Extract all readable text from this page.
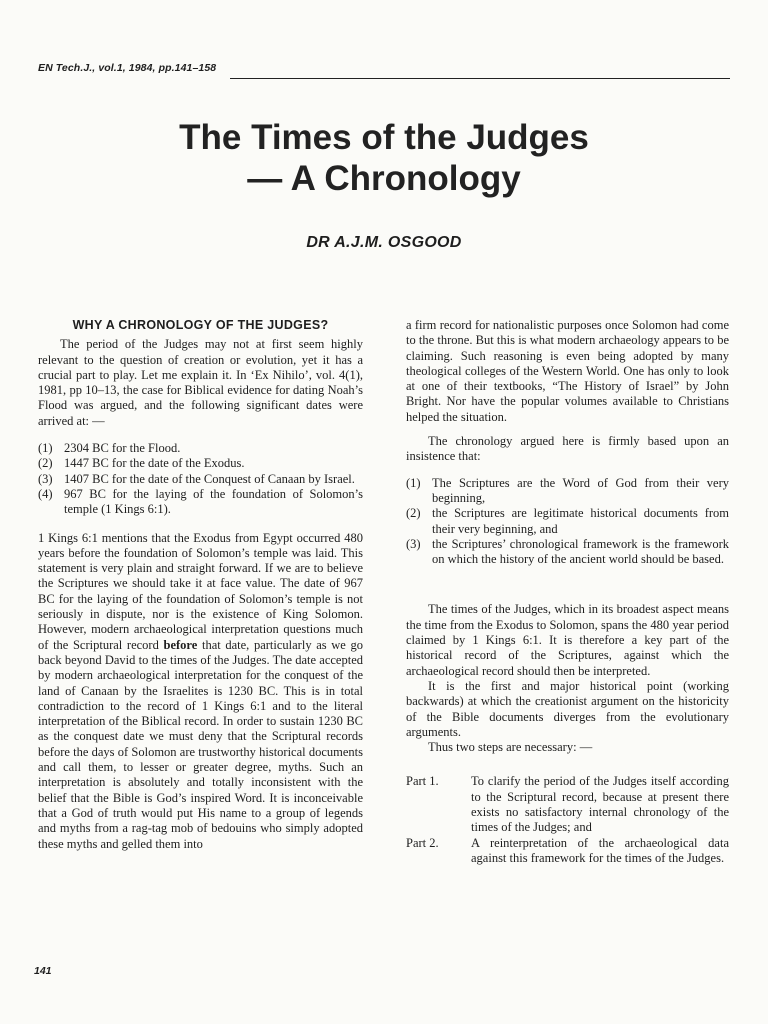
EN Tech.J., vol.1, 1984, pp.141–158
The Times of the Judges
— A Chronology
DR A.J.M. OSGOOD
WHY A CHRONOLOGY OF THE JUDGES?

The period of the Judges may not at first seem highly relevant to the question of creation or evolution, yet it has a crucial part to play. Let me explain it. In ‘Ex Nihilo’, vol. 4(1), 1981, pp 10–13, the case for Biblical evidence for dating Noah’s Flood was argued, and the following significant dates were arrived at: —

(1) 2304 BC for the Flood.
(2) 1447 BC for the date of the Exodus.
(3) 1407 BC for the date of the Conquest of Canaan by Israel.
(4) 967 BC for the laying of the foundation of Solomon’s temple (1 Kings 6:1).

1 Kings 6:1 mentions that the Exodus from Egypt occurred 480 years before the foundation of Solomon’s temple was laid. This statement is very plain and straight forward. If we are to believe the Scriptures we should take it at face value. The date of 967 BC for the laying of the foundation of Solomon’s temple is not seriously in dispute, nor is the existence of King Solomon. However, modern archaeological interpretation questions much of the Scriptural record before that date, particularly as we go back beyond David to the times of the Judges. The date accepted by modern archaeological interpretation for the conquest of the land of Canaan by the Israelites is 1230 BC. This is in total contradiction to the record of 1 Kings 6:1 and to the literal interpretation of the Biblical record. In order to sustain 1230 BC as the conquest date we must deny that the Scriptural records before the days of Solomon are trustworthy historical documents and call them, to lesser or greater degree, myths. Such an interpretation is absolutely and totally inconsistent with the belief that the Bible is God’s inspired Word. It is inconceivable that a God of truth would put His name to a group of legends and myths from a rag-tag mob of bedouins who simply adopted these myths and gelled them into

a firm record for nationalistic purposes once Solomon had come to the throne. But this is what modern archaeology appears to be claiming. Such reasoning is even being adopted by many theological colleges of the Western World. One has only to look at one of their textbooks, “The History of Israel” by John Bright. Nor have the popular volumes available to Christians helped the situation.

The chronology argued here is firmly based upon an insistence that:

(1) The Scriptures are the Word of God from their very beginning,
(2) the Scriptures are legitimate historical documents from their very beginning, and
(3) the Scriptures’ chronological framework is the framework on which the history of the ancient world should be based.

The times of the Judges, which in its broadest aspect means the time from the Exodus to Solomon, spans the 480 year period claimed by 1 Kings 6:1. It is therefore a key part of the historical record of the Scriptures, against which the archaeological record should then be interpreted.

It is the first and major historical point (working backwards) at which the creationist argument on the historicity of the Bible documents diverges from the evolutionary arguments.

Thus two steps are necessary: —

Part 1.	To clarify the period of the Judges itself according to the Scriptural record, because at present there exists no satisfactory internal chronology of the times of the Judges; and
Part 2.	A reinterpretation of the archaeological data against this framework for the times of the Judges.
141
